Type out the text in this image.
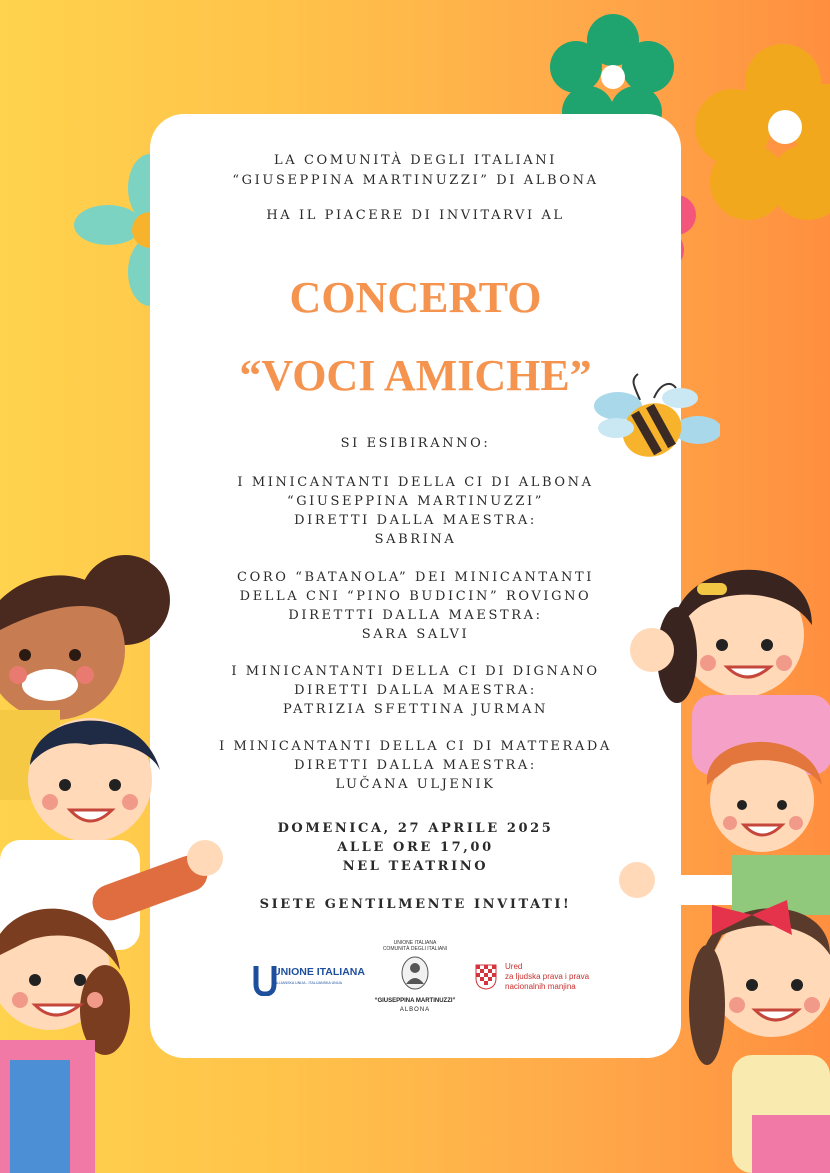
LA COMUNITÀ DEGLI ITALIANI
“GIUSEPPINA MARTINUZZI” DI ALBONA
HA IL PIACERE DI INVITARVI AL
CONCERTO
“VOCI AMICHE”
SI ESIBIRANNO:
I MINICANTANTI DELLA CI DI ALBONA
“GIUSEPPINA MARTINUZZI”
DIRETTI DALLA MAESTRA:
SABRINA
CORO “BATANOLA” DEI MINICANTANTI
DELLA CNI “PINO BUDICIN” ROVIGNO
DIRETTTI DALLA MAESTRA:
SARA SALVI
I MINICANTANTI DELLA CI DI DIGNANO
DIRETTI DALLA MAESTRA:
PATRIZIA SFETTINA JURMAN
I MINICANTANTI DELLA CI DI MATTERADA
DIRETTI DALLA MAESTRA:
LUČANA ULJENIK
DOMENICA, 27 APRILE 2025
ALLE ORE 17,00
NEL TEATRINO
SIETE GENTILMENTE INVITATI!
UNIONE ITALIANA
TALIJANSKA UNIJA - ITALIJANSKA UNIJA
UNIONE ITALIANA
COMUNITÀ DEGLI ITALIANI
“GIUSEPPINA MARTINUZZI”
ALBONA
Ured
za ljudska prava i prava
nacionalnih manjina
